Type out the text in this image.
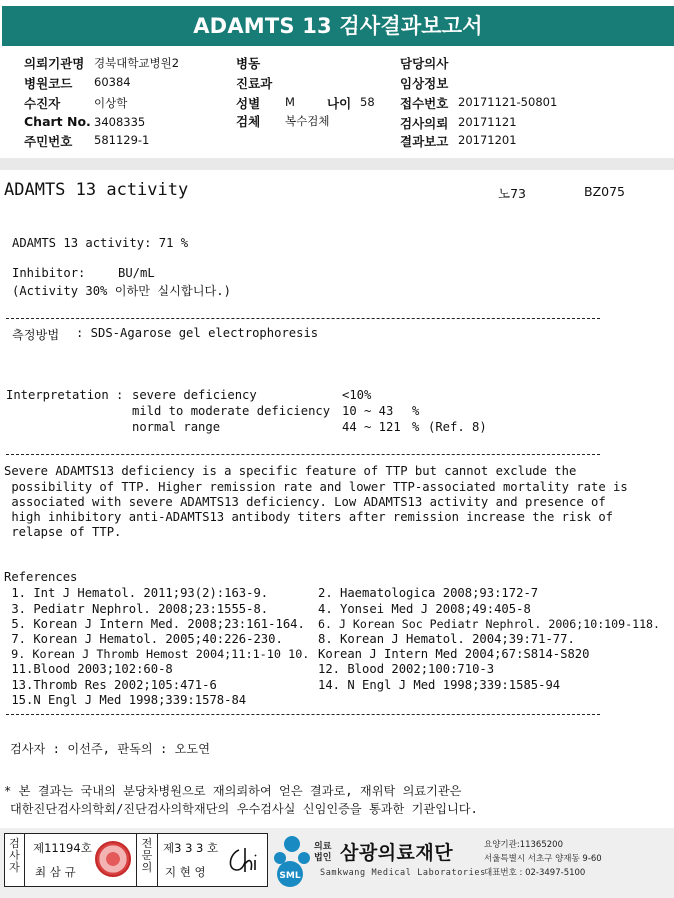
ADAMTS 13 검사결과보고서
의뢰기관명 경북대학교병원2
병원코드 60384
수진자	이상학
Chart No. 3408335
주민번호 581129-1
병동
진료과
성별 M	나이 58
검체 복수검체
담당의사
임상정보
접수번호 20171121-50801
검사의뢰 20171121
결과보고 20171201
ADAMTS 13 activity	노73	BZ075
ADAMTS 13 activity: 71 %
Inhibitor:	BU/mL
(Activity 30% 이하만 실시합니다.)
측정방법 : SDS-Agarose gel electrophoresis
Interpretation : severe deficiency	<10%
mild to moderate deficiency 10 ~ 43 %
normal range	44 ~ 121 % (Ref. 8)
Severe ADAMTS13 deficiency is a specific feature of TTP but cannot exclude the
possibility of TTP. Higher remission rate and lower TTP-associated mortality rate is
associated with severe ADAMTS13 deficiency. Low ADAMTS13 activity and presence of
high inhibitory anti-ADAMTS13 antibody titers after remission increase the risk of
relapse of TTP.
References
1. Int J Hematol. 2011;93(2):163-9.	2. Haematologica 2008;93:172-7
3. Pediatr Nephrol. 2008;23:1555-8.	4. Yonsei Med J 2008;49:405-8
5. Korean J Intern Med. 2008;23:161-164. 6. J Korean Soc Pediatr Nephrol. 2006;10:109-118.
7. Korean J Hematol. 2005;40:226-230.	8. Korean J Hematol. 2004;39:71-77.
9. Korean J Thromb Hemost 2004;11:1-10 10. Korean J Intern Med 2004;67:S814-S820
11.Blood 2003;102:60-8	12. Blood 2002;100:710-3
13.Thromb Res 2002;105:471-6	14. N Engl J Med 1998;339:1585-94
15.N Engl J Med 1998;339:1578-84
검사자 : 이선주, 판독의 : 오도연
* 본 결과는 국내의 분당차병원으로 재의뢰하여 얻은 결과로, 재위탁 의료기관은
대한진단검사의학회/진단검사의학재단의 우수검사실 신임인증을 통과한 기관입니다.
검사자
제11194호
최 삼 규
전문의
제3 3 3 호
지 현 영	SML
의료
법인 삼광의료재단
Samkwang Medical Laboratories
요양기관:11365200
서울특별시 서초구 양재동 9-60
대표번호 : 02-3497-5100
